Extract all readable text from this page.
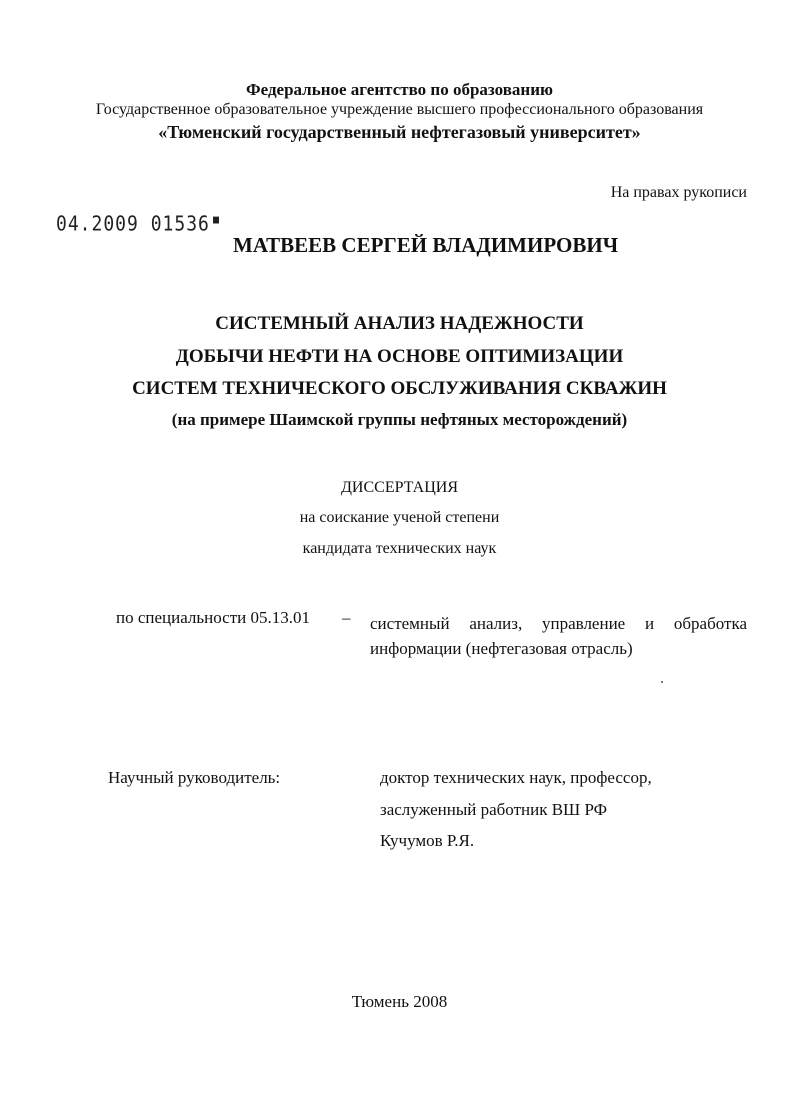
Федеральное агентство по образованию
Государственное образовательное учреждение высшего профессионального образования
«Тюменский государственный нефтегазовый университет»
На правах рукописи
04.2009 01536
МАТВЕЕВ СЕРГЕЙ ВЛАДИМИРОВИЧ
СИСТЕМНЫЙ АНАЛИЗ НАДЕЖНОСТИ
ДОБЫЧИ НЕФТИ НА ОСНОВЕ ОПТИМИЗАЦИИ
СИСТЕМ ТЕХНИЧЕСКОГО ОБСЛУЖИВАНИЯ СКВАЖИН
(на примере Шаимской группы нефтяных месторождений)
ДИССЕРТАЦИЯ
на соискание ученой степени
кандидата технических наук
по специальности 05.13.01 – системный анализ, управление и обработка
информации (нефтегазовая отрасль)
Научный руководитель:	доктор технических наук, профессор,
заслуженный работник ВШ РФ
Кучумов Р.Я.
Тюмень 2008
